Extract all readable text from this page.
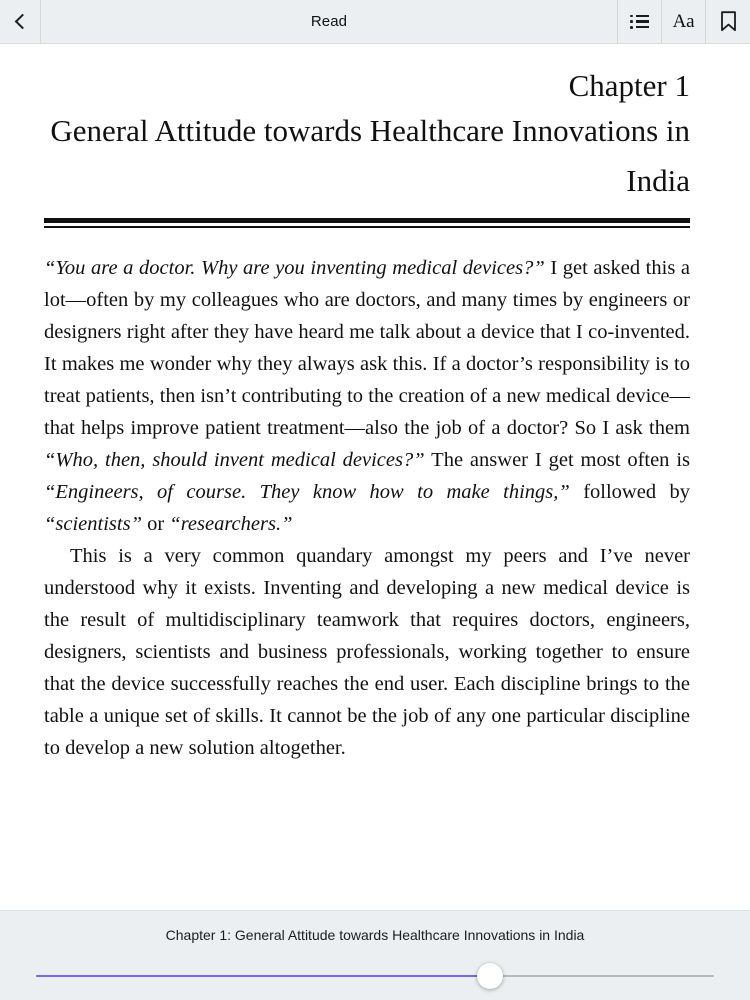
Read	Aa
Chapter 1
General Attitude towards Healthcare Innovations in India

“You are a doctor. Why are you inventing medical devices?” I get asked this a lot—often by my colleagues who are doctors, and many times by engineers or designers right after they have heard me talk about a device that I co-invented. It makes me wonder why they always ask this. If a doctor’s responsibility is to treat patients, then isn’t contributing to the creation of a new medical device—that helps improve patient treatment—also the job of a doctor? So I ask them “Who, then, should invent medical devices?” The answer I get most often is “Engineers, of course. They know how to make things,” followed by “scientists” or “researchers.”

This is a very common quandary amongst my peers and I’ve never understood why it exists. Inventing and developing a new medical device is the result of multidisciplinary teamwork that requires doctors, engineers, designers, scientists and business professionals, working together to ensure that the device successfully reaches the end user. Each discipline brings to the table a unique set of skills. It cannot be the job of any one particular discipline to develop a new solution altogether.

Chapter 1: General Attitude towards Healthcare Innovations in India
